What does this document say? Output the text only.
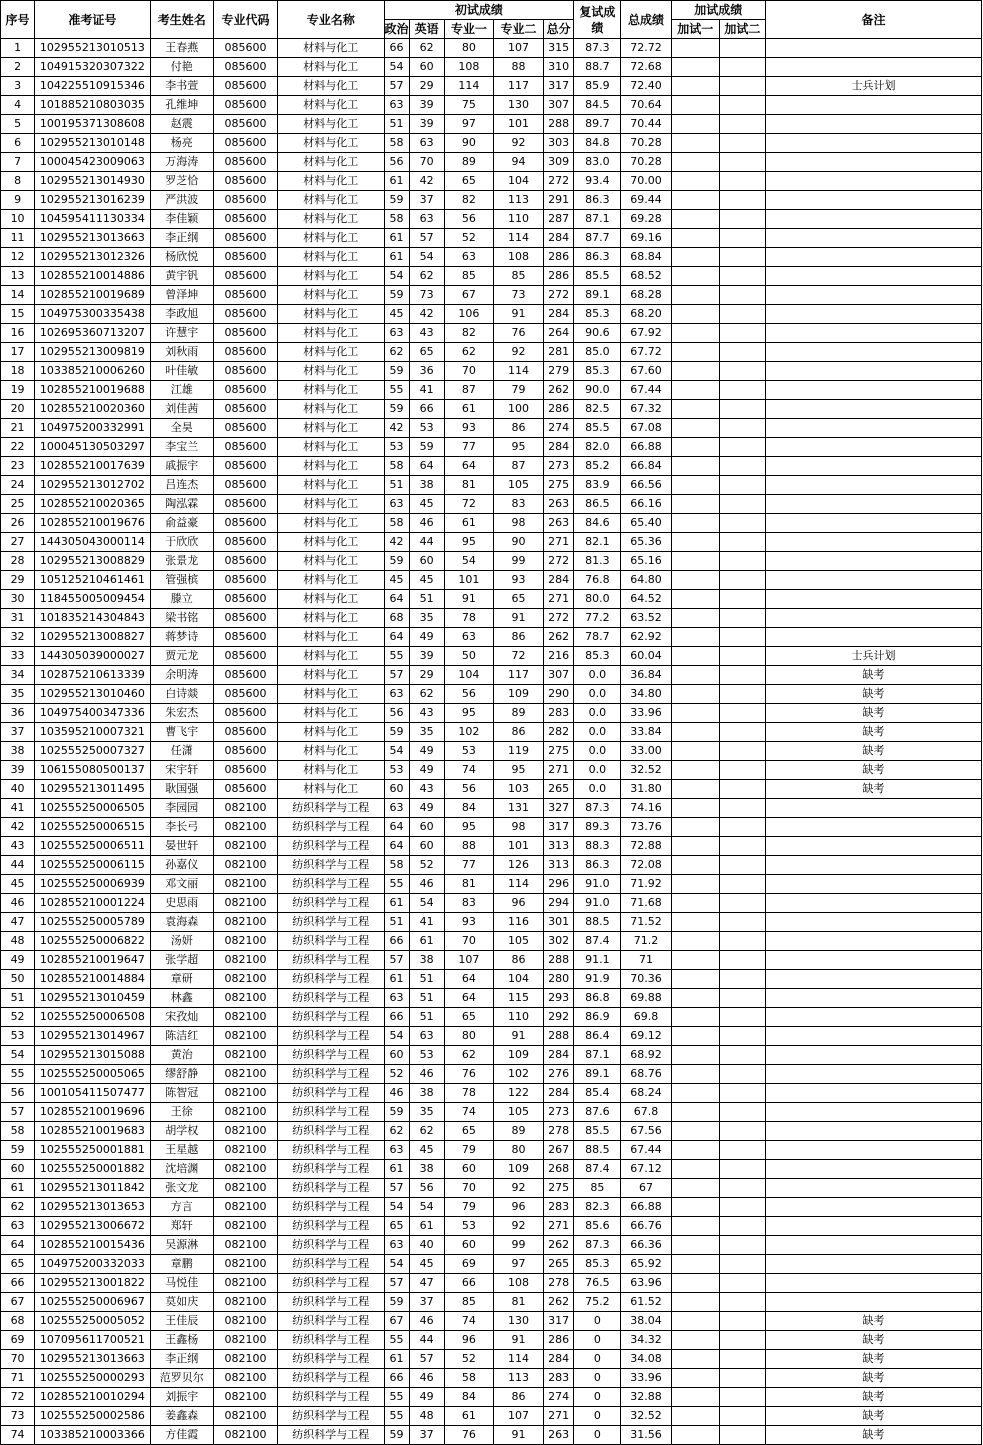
序号	准考证号	考生姓名	专业代码	专业名称	初试成绩					复试成绩	总成绩	加试成绩		备注
					政治	英语	专业一	专业二	总分			加试一	加试二	
1	102955213010513	王春燕	085600	材料与化工	66	62	80	107	315	87.3	72.72			
2	104915320307322	付艳	085600	材料与化工	54	60	108	88	310	88.7	72.68			
3	104225510915346	李书萱	085600	材料与化工	57	29	114	117	317	85.9	72.40			士兵计划
4	101885210803035	孔维坤	085600	材料与化工	63	39	75	130	307	84.5	70.64			
5	100195371308608	赵震	085600	材料与化工	51	39	97	101	288	89.7	70.44			
6	102955213010148	杨亮	085600	材料与化工	58	63	90	92	303	84.8	70.28			
7	100045423009063	万海涛	085600	材料与化工	56	70	89	94	309	83.0	70.28			
8	102955213014930	罗芝恰	085600	材料与化工	61	42	65	104	272	93.4	70.00			
9	102955213016239	严洪波	085600	材料与化工	59	37	82	113	291	86.3	69.44			
10	104595411130334	李佳颖	085600	材料与化工	58	63	56	110	287	87.1	69.28			
11	102955213013663	李正纲	085600	材料与化工	61	57	52	114	284	87.7	69.16			
12	102955213012326	杨欣悦	085600	材料与化工	61	54	63	108	286	86.3	68.84			
13	102855210014886	黄宇钒	085600	材料与化工	54	62	85	85	286	85.5	68.52			
14	102855210019689	曾泽坤	085600	材料与化工	59	73	67	73	272	89.1	68.28			
15	104975300335438	李政旭	085600	材料与化工	45	42	106	91	284	85.3	68.20			
16	102695360713207	许慧宇	085600	材料与化工	63	43	82	76	264	90.6	67.92			
17	102955213009819	刘秋雨	085600	材料与化工	62	65	62	92	281	85.0	67.72			
18	103385210006260	叶佳敏	085600	材料与化工	59	36	70	114	279	85.3	67.60			
19	102855210019688	江雄	085600	材料与化工	55	41	87	79	262	90.0	67.44			
20	102855210020360	刘佳茜	085600	材料与化工	59	66	61	100	286	82.5	67.32			
21	104975200332991	全昊	085600	材料与化工	42	53	93	86	274	85.5	67.08			
22	100045130503297	李宝兰	085600	材料与化工	53	59	77	95	284	82.0	66.88			
23	102855210017639	戚振宇	085600	材料与化工	58	64	64	87	273	85.2	66.84			
24	102955213012702	吕连杰	085600	材料与化工	51	38	81	105	275	83.9	66.56			
25	102855210020365	陶泓霖	085600	材料与化工	63	45	72	83	263	86.5	66.16			
26	102855210019676	俞益豪	085600	材料与化工	58	46	61	98	263	84.6	65.40			
27	144305043000114	于欣欣	085600	材料与化工	42	44	95	90	271	82.1	65.36			
28	102955213008829	张景龙	085600	材料与化工	59	60	54	99	272	81.3	65.16			
29	105125210461461	管强槟	085600	材料与化工	45	45	101	93	284	76.8	64.80			
30	118455005009454	滕立	085600	材料与化工	64	51	91	65	271	80.0	64.52			
31	101835214304843	梁书铭	085600	材料与化工	68	35	78	91	272	77.2	63.52			
32	102955213008827	蒋梦诗	085600	材料与化工	64	49	63	86	262	78.7	62.92			
33	144305039000027	贾元龙	085600	材料与化工	55	39	50	72	216	85.3	60.04			士兵计划
34	102875210613339	余明涛	085600	材料与化工	57	29	104	117	307	0.0	36.84			缺考
35	102955213010460	白诗燚	085600	材料与化工	63	62	56	109	290	0.0	34.80			缺考
36	104975400347336	朱宏杰	085600	材料与化工	56	43	95	89	283	0.0	33.96			缺考
37	103595210007321	曹飞宇	085600	材料与化工	59	35	102	86	282	0.0	33.84			缺考
38	102555250007327	任潇	085600	材料与化工	54	49	53	119	275	0.0	33.00			缺考
39	106155080500137	宋宇轩	085600	材料与化工	53	49	74	95	271	0.0	32.52			缺考
40	102955213011495	耿国强	085600	材料与化工	60	43	56	103	265	0.0	31.80			缺考
41	102555250006505	李园园	082100	纺织科学与工程	63	49	84	131	327	87.3	74.16			
42	102555250006515	李长弓	082100	纺织科学与工程	64	60	95	98	317	89.3	73.76			
43	102555250006511	晏世轩	082100	纺织科学与工程	64	60	88	101	313	88.3	72.88			
44	102555250006115	孙嘉仪	082100	纺织科学与工程	58	52	77	126	313	86.3	72.08			
45	102555250006939	邓文丽	082100	纺织科学与工程	55	46	81	114	296	91.0	71.92			
46	102855210001224	史思雨	082100	纺织科学与工程	61	54	83	96	294	91.0	71.68			
47	102555250005789	袁海森	082100	纺织科学与工程	51	41	93	116	301	88.5	71.52			
48	102555250006822	汤妍	082100	纺织科学与工程	66	61	70	105	302	87.4	71.2			
49	102855210019647	张学超	082100	纺织科学与工程	57	38	107	86	288	91.1	71			
50	102855210014884	章研	082100	纺织科学与工程	61	51	64	104	280	91.9	70.36			
51	102955213010459	林鑫	082100	纺织科学与工程	63	51	64	115	293	86.8	69.88			
52	102555250006508	宋孜灿	082100	纺织科学与工程	66	51	65	110	292	86.9	69.8			
53	102955213014967	陈洁红	082100	纺织科学与工程	54	63	80	91	288	86.4	69.12			
54	102955213015088	黄治	082100	纺织科学与工程	60	53	62	109	284	87.1	68.92			
55	102555250005065	缪舒静	082100	纺织科学与工程	52	46	76	102	276	89.1	68.76			
56	100105411507477	陈智冠	082100	纺织科学与工程	46	38	78	122	284	85.4	68.24			
57	102855210019696	王徐	082100	纺织科学与工程	59	35	74	105	273	87.6	67.8			
58	102855210019683	胡学权	082100	纺织科学与工程	62	62	65	89	278	85.5	67.56			
59	102555250001881	王星越	082100	纺织科学与工程	63	45	79	80	267	88.5	67.44			
60	102555250001882	沈培渊	082100	纺织科学与工程	61	38	60	109	268	87.4	67.12			
61	102955213011842	张文龙	082100	纺织科学与工程	57	56	70	92	275	85	67			
62	102955213013653	方言	082100	纺织科学与工程	54	54	79	96	283	82.3	66.88			
63	102955213006672	郑轩	082100	纺织科学与工程	65	61	53	92	271	85.6	66.76			
64	102855210015436	吴源淋	082100	纺织科学与工程	63	40	60	99	262	87.3	66.36			
65	104975200332033	章鹏	082100	纺织科学与工程	54	45	69	97	265	85.3	65.92			
66	102955213001822	马悦佳	082100	纺织科学与工程	57	47	66	108	278	76.5	63.96			
67	102555250006967	莫如庆	082100	纺织科学与工程	59	37	85	81	262	75.2	61.52			
68	102555250005052	王佳辰	082100	纺织科学与工程	67	46	74	130	317	0	38.04			缺考
69	107095611700521	王鑫杨	082100	纺织科学与工程	55	44	96	91	286	0	34.32			缺考
70	102955213013663	李正纲	082100	纺织科学与工程	61	57	52	114	284	0	34.08			缺考
71	102555250000293	范罗贝尔	082100	纺织科学与工程	66	46	58	113	283	0	33.96			缺考
72	102855210010294	刘振宇	082100	纺织科学与工程	55	49	84	86	274	0	32.88			缺考
73	102555250002586	姜鑫森	082100	纺织科学与工程	55	48	61	107	271	0	32.52			缺考
74	103385210003366	方佳霞	082100	纺织科学与工程	59	37	76	91	263	0	31.56			缺考
